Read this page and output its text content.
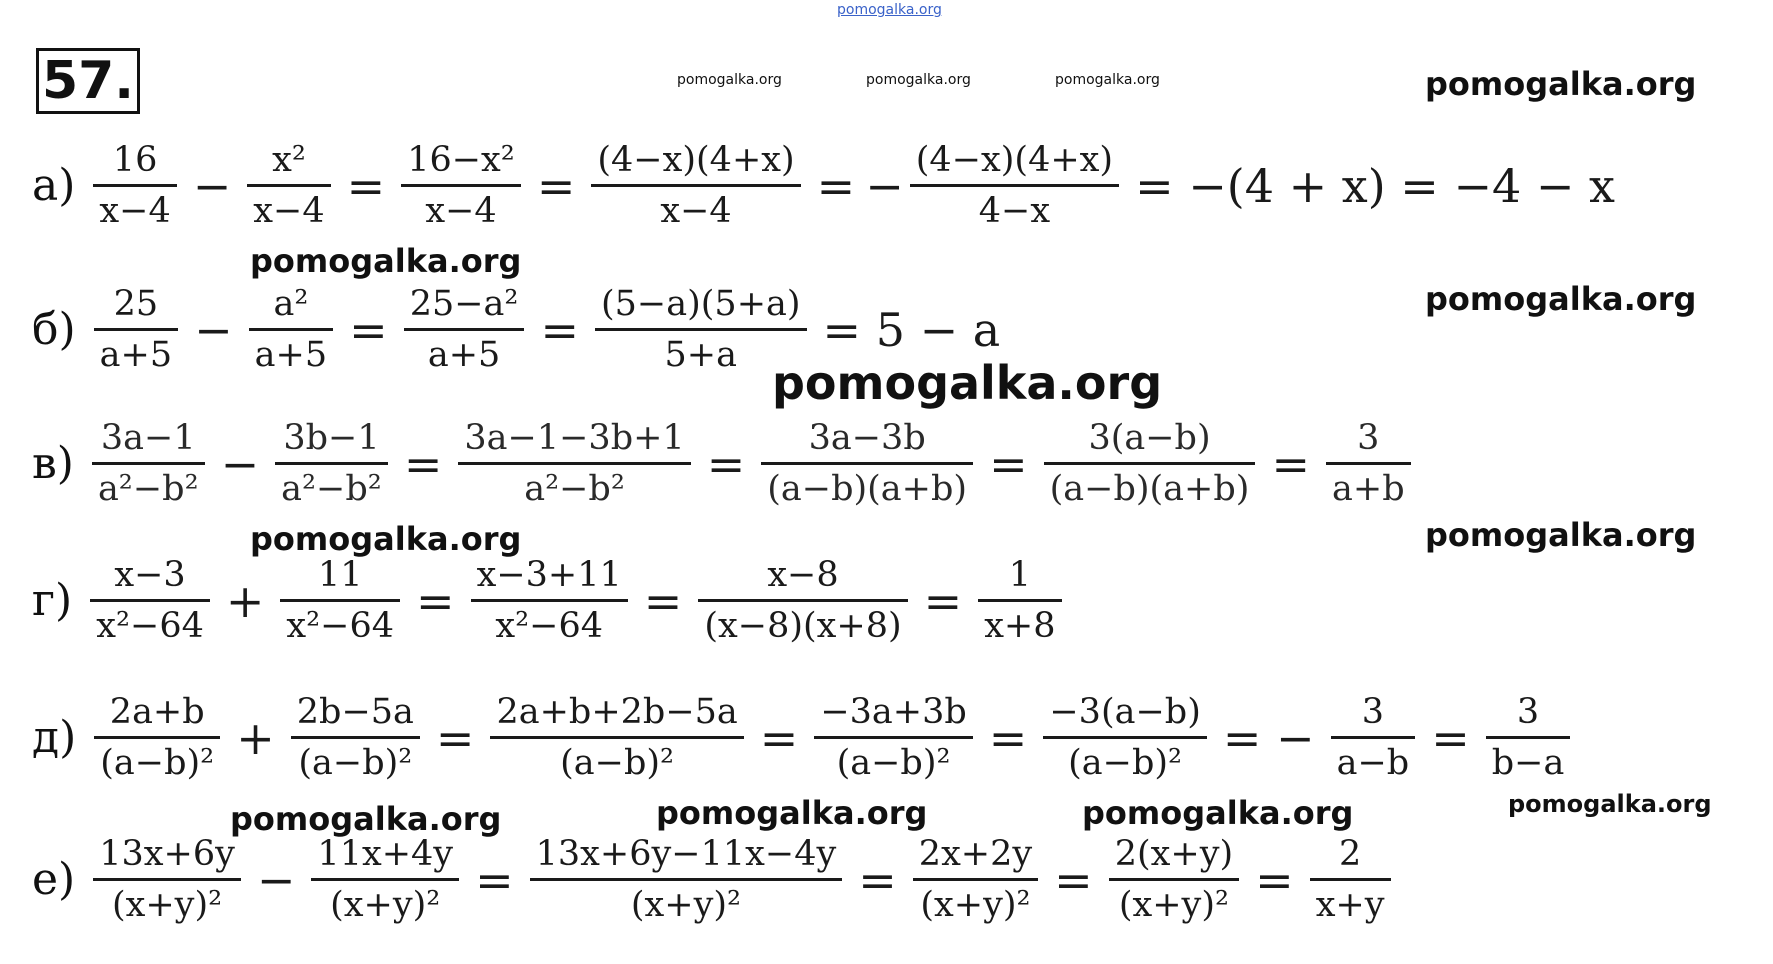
pomogalka.org
pomogalka.org	pomogalka.org	pomogalka.org	pomogalka.org
pomogalka.org
pomogalka.org
pomogalka.org
pomogalka.org	pomogalka.org
pomogalka.org	pomogalka.org	pomogalka.org	pomogalka.org
57.
$а) \frac{16}{x-4} - \frac{\text{x²}}{x-4} = \frac{\text{16−x²}}{x-4} = \frac{(4-x)(4+x)}{x-4}$ = − $\frac{(4-x)(4+x)}{4-x} = -(4 + x) = -4 - x$
$б) \frac{25}{a+5} - \frac{\text{a²}}{a+5} = \frac{\text{25−a²}}{a+5} = \frac{(5-a)(5+a)}{5+a} = 5 - a$
$в) \frac{3a-1}{\text{a²−b²}} - \frac{3b-1}{\text{a²−b²}} = \frac{3a-1-3b+1}{\text{a²−b²}} = \frac{3a-3b}{(a-b)(a+b)} = \frac{3(a-b)}{(a-b)(a+b)} = \frac{3}{a+b}$
$г) \frac{x-3}{\text{x²−64}} + \frac{11}{\text{x²−64}} = \frac{x-3+11}{\text{x²−64}} = \frac{x-8}{(x-8)(x+8)} = \frac{1}{x+8}$
$д) \frac{2a+b}{\text{(a−b)²}} + \frac{2b-5a}{\text{(a−b)²}} = \frac{2a+b+2b-5a}{\text{(a−b)²}} = \frac{-3a+3b}{\text{(a−b)²}} = \frac{-3(a-b)}{\text{(a−b)²}}$ = − $\frac{3}{a-b} = \frac{3}{b-a}$
$е) \frac{13x+6y}{\text{(x+y)²}} - \frac{11x+4y}{\text{(x+y)²}} = \frac{13x+6y-11x-4y}{\text{(x+y)²}} = \frac{2x+2y}{\text{(x+y)²}} = \frac{2(x+y)}{\text{(x+y)²}} = \frac{2}{x+y}$
